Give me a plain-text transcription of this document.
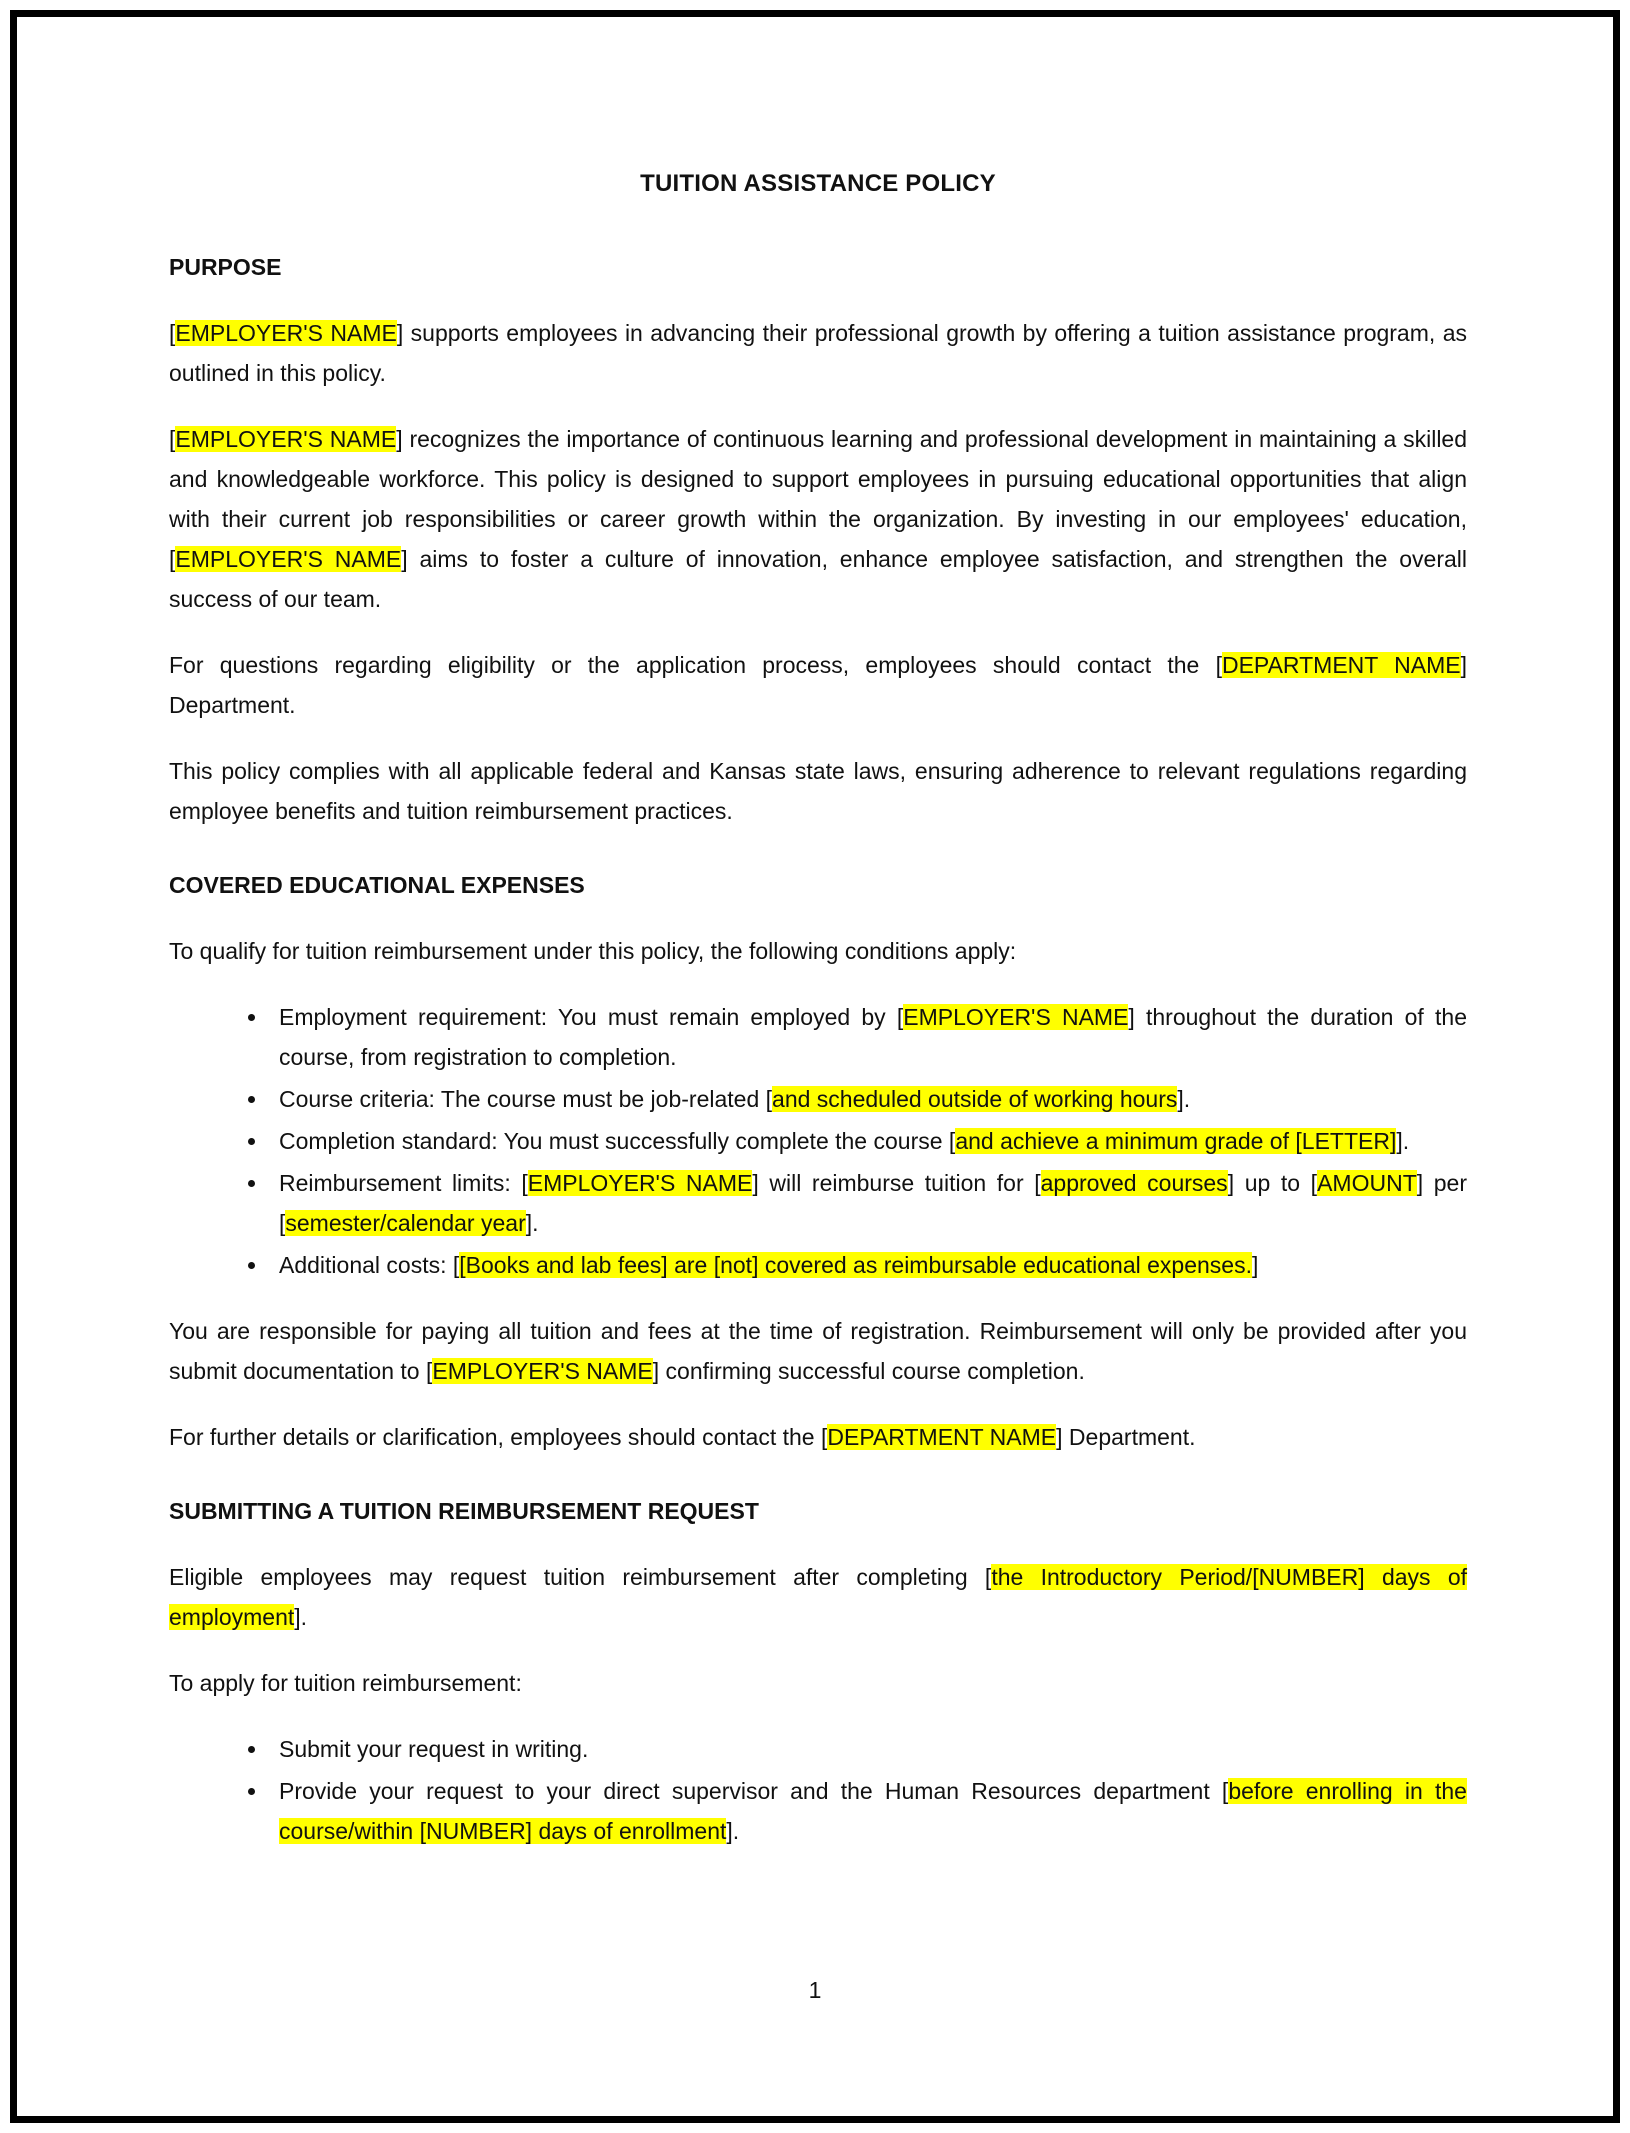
TUITION ASSISTANCE POLICY
PURPOSE

[EMPLOYER'S NAME] supports employees in advancing their professional growth by offering a tuition assistance program, as outlined in this policy.

[EMPLOYER'S NAME] recognizes the importance of continuous learning and professional development in maintaining a skilled and knowledgeable workforce. This policy is designed to support employees in pursuing educational opportunities that align with their current job responsibilities or career growth within the organization. By investing in our employees' education, [EMPLOYER'S NAME] aims to foster a culture of innovation, enhance employee satisfaction, and strengthen the overall success of our team.

For questions regarding eligibility or the application process, employees should contact the [DEPARTMENT NAME] Department.

This policy complies with all applicable federal and Kansas state laws, ensuring adherence to relevant regulations regarding employee benefits and tuition reimbursement practices.

COVERED EDUCATIONAL EXPENSES

To qualify for tuition reimbursement under this policy, the following conditions apply:

• Employment requirement: You must remain employed by [EMPLOYER'S NAME] throughout the duration of the course, from registration to completion.
• Course criteria: The course must be job-related [and scheduled outside of working hours].
• Completion standard: You must successfully complete the course [and achieve a minimum grade of [LETTER]].
• Reimbursement limits: [EMPLOYER'S NAME] will reimburse tuition for [approved courses] up to [AMOUNT] per [semester/calendar year].
• Additional costs: [[Books and lab fees] are [not] covered as reimbursable educational expenses.]

You are responsible for paying all tuition and fees at the time of registration. Reimbursement will only be provided after you submit documentation to [EMPLOYER'S NAME] confirming successful course completion.

For further details or clarification, employees should contact the [DEPARTMENT NAME] Department.

SUBMITTING A TUITION REIMBURSEMENT REQUEST

Eligible employees may request tuition reimbursement after completing [the Introductory Period/[NUMBER] days of employment].

To apply for tuition reimbursement:

• Submit your request in writing.
• Provide your request to your direct supervisor and the Human Resources department [before enrolling in the course/within [NUMBER] days of enrollment].
1
